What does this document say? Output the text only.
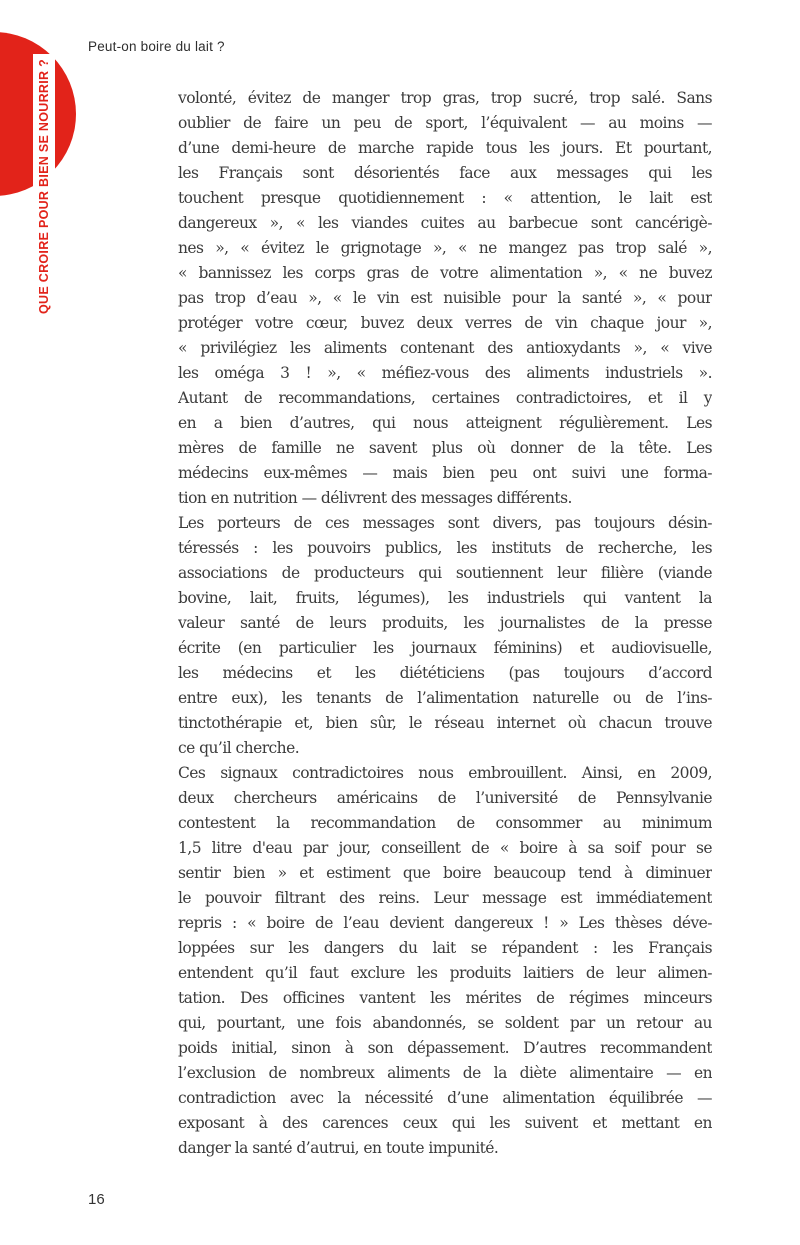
QUE CROIRE POUR BIEN SE NOURRIR ?
Peut-on boire du lait ?
volonté, évitez de manger trop gras, trop sucré, trop salé. Sans
oublier de faire un peu de sport, l’équivalent — au moins —
d’une demi-heure de marche rapide tous les jours. Et pourtant,
les Français sont désorientés face aux messages qui les
touchent presque quotidiennement : « attention, le lait est
dangereux », « les viandes cuites au barbecue sont cancérigè-
nes », « évitez le grignotage », « ne mangez pas trop salé »,
« bannissez les corps gras de votre alimentation », « ne buvez
pas trop d’eau », « le vin est nuisible pour la santé », « pour
protéger votre cœur, buvez deux verres de vin chaque jour »,
« privilégiez les aliments contenant des antioxydants », « vive
les oméga 3 ! », « méfiez-vous des aliments industriels ».
Autant de recommandations, certaines contradictoires, et il y
en a bien d’autres, qui nous atteignent régulièrement. Les
mères de famille ne savent plus où donner de la tête. Les
médecins eux-mêmes — mais bien peu ont suivi une forma-
tion en nutrition — délivrent des messages différents.
Les porteurs de ces messages sont divers, pas toujours désin-
téressés : les pouvoirs publics, les instituts de recherche, les
associations de producteurs qui soutiennent leur filière (viande
bovine, lait, fruits, légumes), les industriels qui vantent la
valeur santé de leurs produits, les journalistes de la presse
écrite (en particulier les journaux féminins) et audiovisuelle,
les médecins et les diététiciens (pas toujours d’accord
entre eux), les tenants de l’alimentation naturelle ou de l’ins-
tinctothérapie et, bien sûr, le réseau internet où chacun trouve
ce qu’il cherche.
Ces signaux contradictoires nous embrouillent. Ainsi, en 2009,
deux chercheurs américains de l’université de Pennsylvanie
contestent la recommandation de consommer au minimum
1,5 litre d'eau par jour, conseillent de « boire à sa soif pour se
sentir bien » et estiment que boire beaucoup tend à diminuer
le pouvoir filtrant des reins. Leur message est immédiatement
repris : « boire de l’eau devient dangereux ! » Les thèses déve-
loppées sur les dangers du lait se répandent : les Français
entendent qu’il faut exclure les produits laitiers de leur alimen-
tation. Des officines vantent les mérites de régimes minceurs
qui, pourtant, une fois abandonnés, se soldent par un retour au
poids initial, sinon à son dépassement. D’autres recommandent
l’exclusion de nombreux aliments de la diète alimentaire — en
contradiction avec la nécessité d’une alimentation équilibrée —
exposant à des carences ceux qui les suivent et mettant en
danger la santé d’autrui, en toute impunité.
16
